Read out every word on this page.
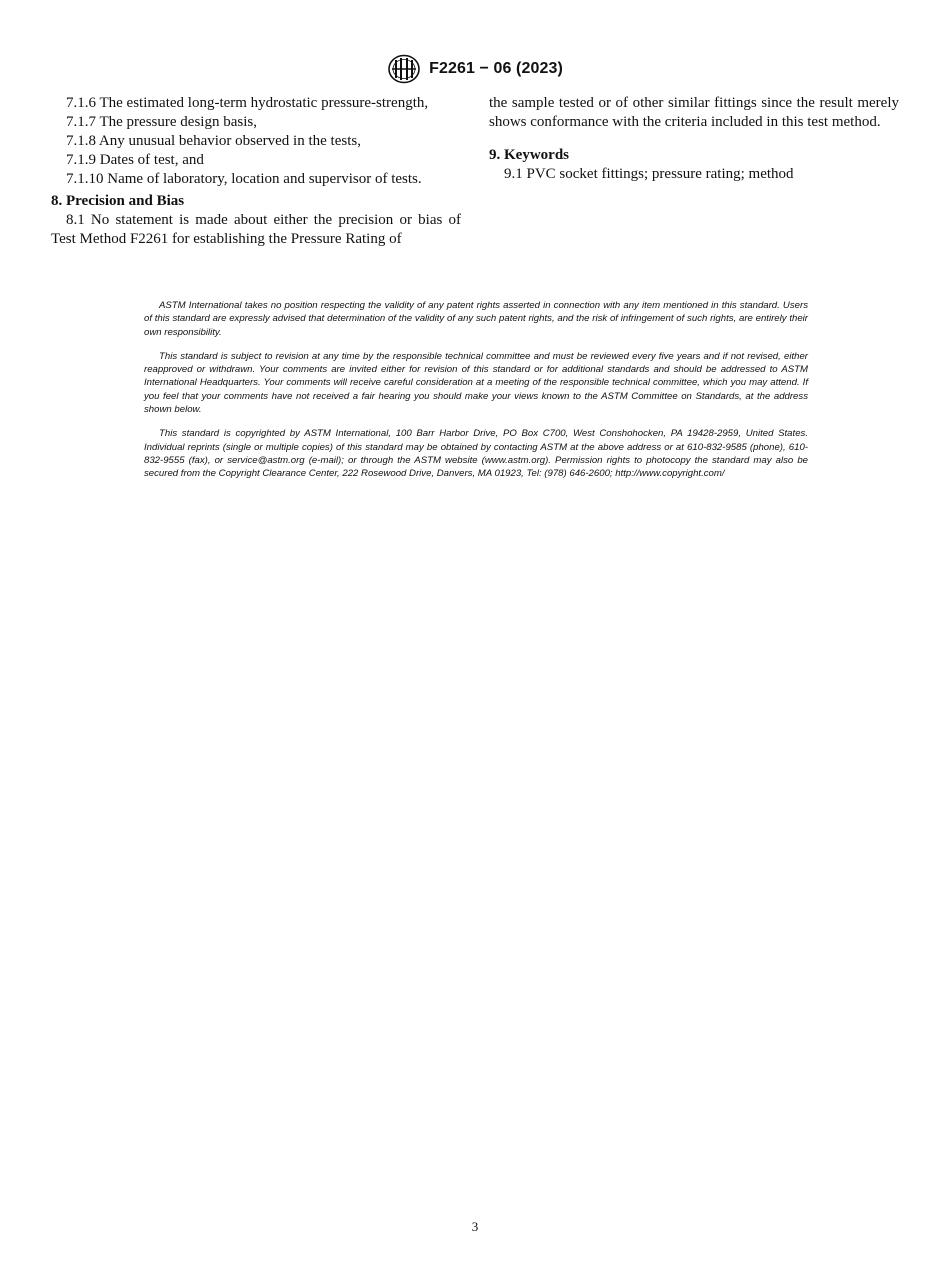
F2261 − 06 (2023)

7.1.6 The estimated long-term hydrostatic pressure-strength,

7.1.7 The pressure design basis,

7.1.8 Any unusual behavior observed in the tests,

7.1.9 Dates of test, and

7.1.10 Name of laboratory, location and supervisor of tests.

8. Precision and Bias

8.1 No statement is made about either the precision or bias of Test Method F2261 for establishing the Pressure Rating of

the sample tested or of other similar fittings since the result merely shows conformance with the criteria included in this test method.

9. Keywords

9.1 PVC socket fittings; pressure rating; method

ASTM International takes no position respecting the validity of any patent rights asserted in connection with any item mentioned in this standard. Users of this standard are expressly advised that determination of the validity of any such patent rights, and the risk of infringement of such rights, are entirely their own responsibility.

This standard is subject to revision at any time by the responsible technical committee and must be reviewed every five years and if not revised, either reapproved or withdrawn. Your comments are invited either for revision of this standard or for additional standards and should be addressed to ASTM International Headquarters. Your comments will receive careful consideration at a meeting of the responsible technical committee, which you may attend. If you feel that your comments have not received a fair hearing you should make your views known to the ASTM Committee on Standards, at the address shown below.

This standard is copyrighted by ASTM International, 100 Barr Harbor Drive, PO Box C700, West Conshohocken, PA 19428-2959, United States. Individual reprints (single or multiple copies) of this standard may be obtained by contacting ASTM at the above address or at 610-832-9585 (phone), 610-832-9555 (fax), or service@astm.org (e-mail); or through the ASTM website (www.astm.org). Permission rights to photocopy the standard may also be secured from the Copyright Clearance Center, 222 Rosewood Drive, Danvers, MA 01923, Tel: (978) 646-2600; http://www.copyright.com/

3
